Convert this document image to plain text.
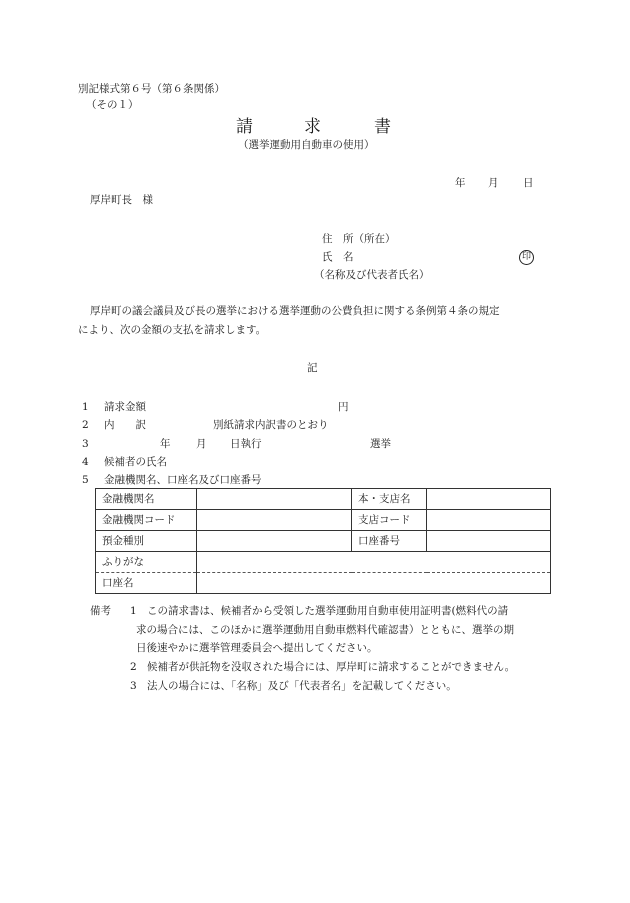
別記様式第６号（第６条関係）
（その１）
請	求	書
（選挙運動用自動車の使用）
年 月 日
厚岸町長　様
住　所（所在）
氏　名	印
（名称及び代表者氏名）
厚岸町の議会議員及び長の選挙における選挙運動の公費負担に関する条例第４条の規定
により、次の金額の支払を請求します。
記
1 請求金額	円
2 内　　訳	別紙請求内訳書のとおり
3	年 月 日執行	選挙
4 候補者の氏名
5 金融機関名、口座名及び口座番号
金融機関名		本・支店名	
金融機関コード		支店コード	
預金種別		口座番号	
ふりがな			
口座名			
備考 1 この請求書は、候補者から受領した選挙運動用自動車使用証明書(燃料代の請
求の場合には、このほかに選挙運動用自動車燃料代確認書）とともに、選挙の期
日後速やかに選挙管理委員会へ提出してください。
2 候補者が供託物を没収された場合には、厚岸町に請求することができません。
3 法人の場合には、「名称」及び「代表者名」を記載してください。
